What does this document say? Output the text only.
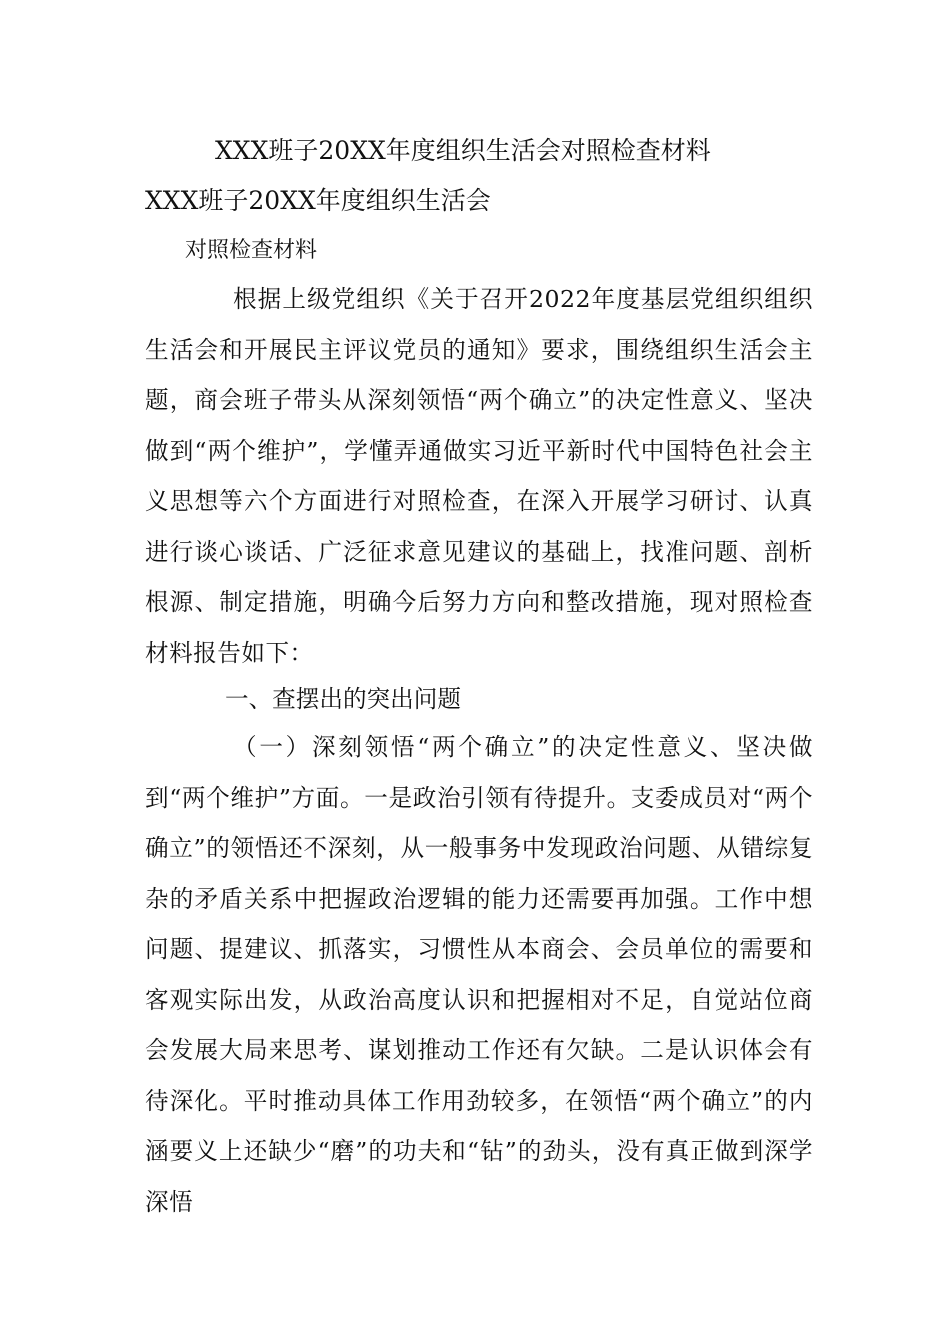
XXX班子20XX年度组织生活会对照检查材料
XXX班子20XX年度组织生活会
对照检查材料

根据上级党组织《关于召开2022年度基层党组织组织生活会和开展民主评议党员的通知》要求，围绕组织生活会主题，商会班子带头从深刻领悟“两个确立”的决定性意义、坚决做到“两个维护”，学懂弄通做实习近平新时代中国特色社会主义思想等六个方面进行对照检查，在深入开展学习研讨、认真进行谈心谈话、广泛征求意见建议的基础上，找准问题、剖析根源、制定措施，明确今后努力方向和整改措施，现对照检查材料报告如下：

一、查摆出的突出问题

（一）深刻领悟“两个确立”的决定性意义、坚决做到“两个维护”方面。一是政治引领有待提升。支委成员对“两个确立”的领悟还不深刻，从一般事务中发现政治问题、从错综复杂的矛盾关系中把握政治逻辑的能力还需要再加强。工作中想问题、提建议、抓落实，习惯性从本商会、会员单位的需要和客观实际出发，从政治高度认识和把握相对不足，自觉站位商会发展大局来思考、谋划推动工作还有欠缺。二是认识体会有待深化。平时推动具体工作用劲较多，在领悟“两个确立”的内涵要义上还缺少“磨”的功夫和“钻”的劲头，没有真正做到深学深悟
